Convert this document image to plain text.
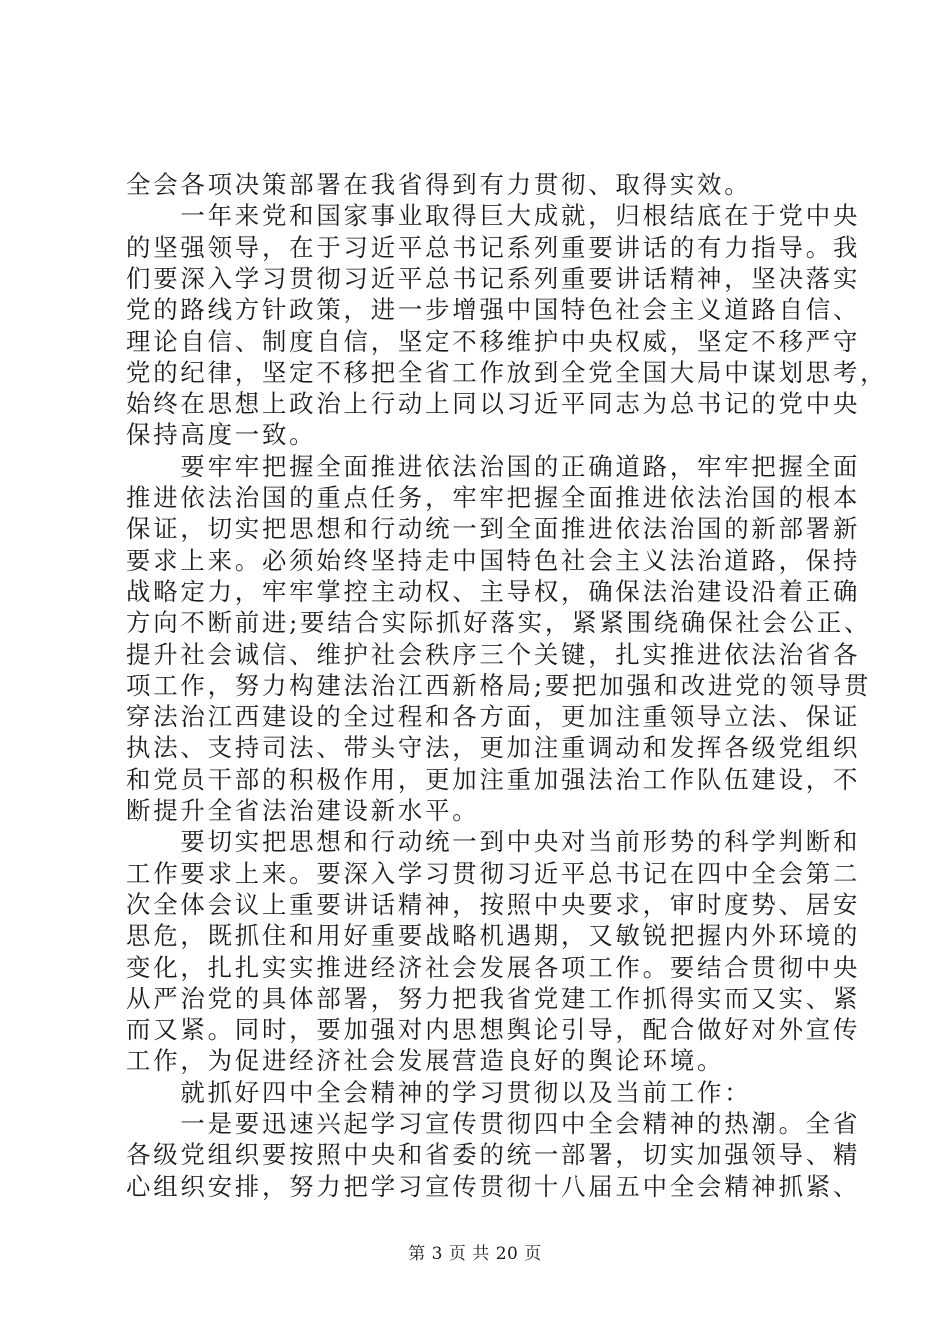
全会各项决策部署在我省得到有力贯彻、取得实效。
　　一年来党和国家事业取得巨大成就，归根结底在于党中央
的坚强领导，在于习近平总书记系列重要讲话的有力指导。我
们要深入学习贯彻习近平总书记系列重要讲话精神，坚决落实
党的路线方针政策，进一步增强中国特色社会主义道路自信、
理论自信、制度自信，坚定不移维护中央权威，坚定不移严守
党的纪律，坚定不移把全省工作放到全党全国大局中谋划思考，
始终在思想上政治上行动上同以习近平同志为总书记的党中央
保持高度一致。
　　要牢牢把握全面推进依法治国的正确道路，牢牢把握全面
推进依法治国的重点任务，牢牢把握全面推进依法治国的根本
保证，切实把思想和行动统一到全面推进依法治国的新部署新
要求上来。必须始终坚持走中国特色社会主义法治道路，保持
战略定力，牢牢掌控主动权、主导权，确保法治建设沿着正确
方向不断前进;要结合实际抓好落实，紧紧围绕确保社会公正、
提升社会诚信、维护社会秩序三个关键，扎实推进依法治省各
项工作，努力构建法治江西新格局;要把加强和改进党的领导贯
穿法治江西建设的全过程和各方面，更加注重领导立法、保证
执法、支持司法、带头守法，更加注重调动和发挥各级党组织
和党员干部的积极作用，更加注重加强法治工作队伍建设，不
断提升全省法治建设新水平。
　　要切实把思想和行动统一到中央对当前形势的科学判断和
工作要求上来。要深入学习贯彻习近平总书记在四中全会第二
次全体会议上重要讲话精神，按照中央要求，审时度势、居安
思危，既抓住和用好重要战略机遇期，又敏锐把握内外环境的
变化，扎扎实实推进经济社会发展各项工作。要结合贯彻中央
从严治党的具体部署，努力把我省党建工作抓得实而又实、紧
而又紧。同时，要加强对内思想舆论引导，配合做好对外宣传
工作，为促进经济社会发展营造良好的舆论环境。
　　就抓好四中全会精神的学习贯彻以及当前工作：
　　一是要迅速兴起学习宣传贯彻四中全会精神的热潮。全省
各级党组织要按照中央和省委的统一部署，切实加强领导、精
心组织安排，努力把学习宣传贯彻十八届五中全会精神抓紧、
第 3 页 共 20 页
